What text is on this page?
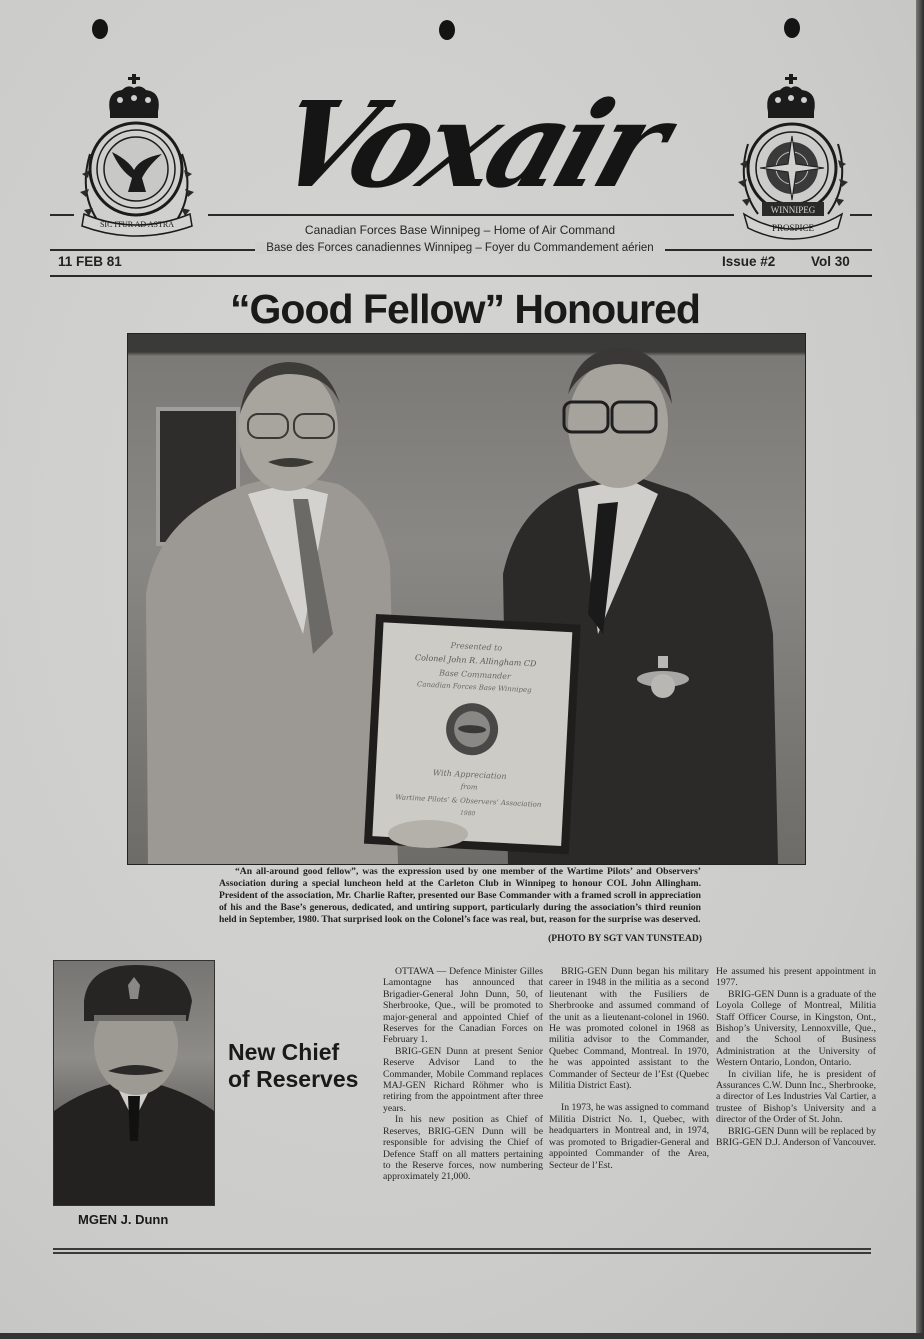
SIC ITUR AD ASTRA
WINNIPEG
PROSPICE
Voxair
Canadian Forces Base Winnipeg – Home of Air Command
Base des Forces canadiennes Winnipeg – Foyer du Commandement aérien
11 FEB 81	Issue #2	Vol 30
“Good Fellow” Honoured
Presented to
Colonel John R. Allingham CD
Base Commander
Canadian Forces Base Winnipeg
With Appreciation
from
Wartime Pilots’ & Observers’ Association
1980
“An all-around good fellow”, was the expression used by one member of the Wartime Pilots’ and Observers’ Association during a special luncheon held at the Carleton Club in Winnipeg to honour COL John Allingham. President of the association, Mr. Charlie Rafter, presented our Base Commander with a framed scroll in appreciation of his and the Base’s generous, dedicated, and untiring support, particularly during the association’s third reunion held in September, 1980. That surprised look on the Colonel’s face was real, but, reason for the surprise was deserved.
(PHOTO BY SGT VAN TUNSTEAD)
MGEN J. Dunn
New Chief
of Reserves

OTTAWA — Defence Minister Gilles Lamontagne has announced that Brigadier-General John Dunn, 50, of Sherbrooke, Que., will be promoted to major-general and appointed Chief of Reserves for the Canadian Forces on February 1.

BRIG-GEN Dunn at present Senior Reserve Advisor Land to the Commander, Mobile Command replaces MAJ-GEN Richard Röhmer who is retiring from the appointment after three years.

In his new position as Chief of Reserves, BRIG-GEN Dunn will be responsible for advising the Chief of Defence Staff on all matters pertaining to the Reserve forces, now numbering approximately 21,000.

BRIG-GEN Dunn began his military career in 1948 in the militia as a second lieutenant with the Fusiliers de Sherbrooke and assumed command of the unit as a lieutenant-colonel in 1960. He was promoted colonel in 1968 as militia advisor to the Commander, Quebec Command, Montreal. In 1970, he was appointed assistant to the Commander of Secteur de l’Est (Quebec Militia District East).

In 1973, he was assigned to command Militia District No. 1, Quebec, with headquarters in Montreal and, in 1974, was promoted to Brigadier-General and appointed Commander of the Area, Secteur de l’Est.

He assumed his present appointment in 1977.

BRIG-GEN Dunn is a graduate of the Loyola College of Montreal, Militia Staff Officer Course, in Kingston, Ont., Bishop’s University, Lennoxville, Que., and the School of Business Administration at the University of Western Ontario, London, Ontario.

In civilian life, he is president of Assurances C.W. Dunn Inc., Sherbrooke, a director of Les Industries Val Cartier, a trustee of Bishop’s University and a director of the Order of St. John.

BRIG-GEN Dunn will be replaced by BRIG-GEN D.J. Anderson of Vancouver.
